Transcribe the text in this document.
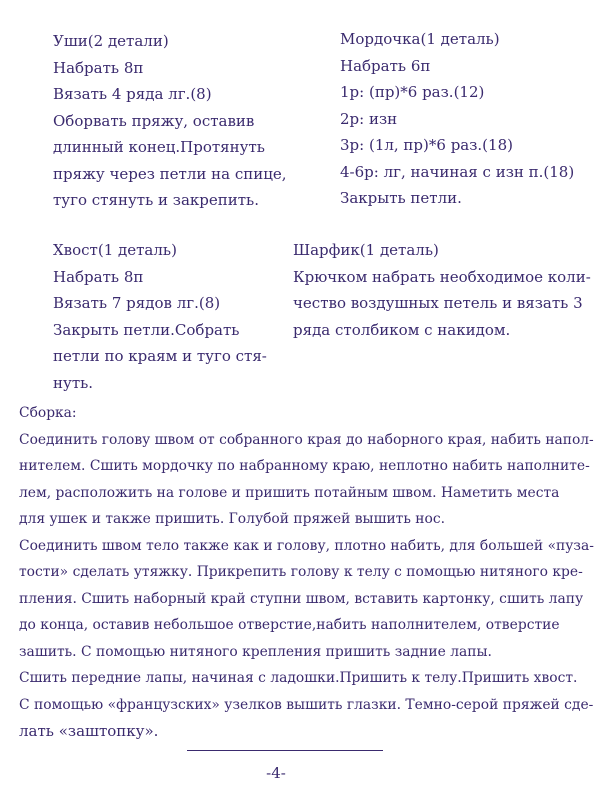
Уши(2 детали)
Набрать 8п
Вязать 4 ряда лг.(8)
Оборвать пряжу, оставив
длинный конец.Протянуть
пряжу через петли на спице,
туго стянуть и закрепить.
Мордочка(1 деталь)
Набрать 6п
1р: (пр)*6 раз.(12)
2р: изн
3р: (1л, пр)*6 раз.(18)
4-6р: лг, начиная с изн п.(18)
Закрыть петли.
Хвост(1 деталь)
Набрать 8п
Вязать 7 рядов лг.(8)
Закрыть петли.Собрать
петли по краям и туго стя-
нуть.
Шарфик(1 деталь)
Крючком набрать необходимое коли-
чество воздушных петель и вязать 3
ряда столбиком с накидом.
Сборка:
Соединить голову швом от собранного края до наборного края, набить напол-
нителем. Сшить мордочку по набранному краю, неплотно набить наполните-
лем, расположить на голове и пришить потайным швом. Наметить места
для ушек и также пришить. Голубой пряжей вышить нос.
Соединить швом тело также как и голову, плотно набить, для большей «пуза-
тости» сделать утяжку. Прикрепить голову к телу с помощью нитяного кре-
пления. Сшить наборный край ступни швом, вставить картонку, сшить лапу
до конца, оставив небольшое отверстие,набить наполнителем, отверстие
зашить. С помощью нитяного крепления пришить задние лапы.
Сшить передние лапы, начиная с ладошки.Пришить к телу.Пришить хвост.
С помощью «французских» узелков вышить глазки. Темно-серой пряжей сде-
лать «заштопку».
-4-
